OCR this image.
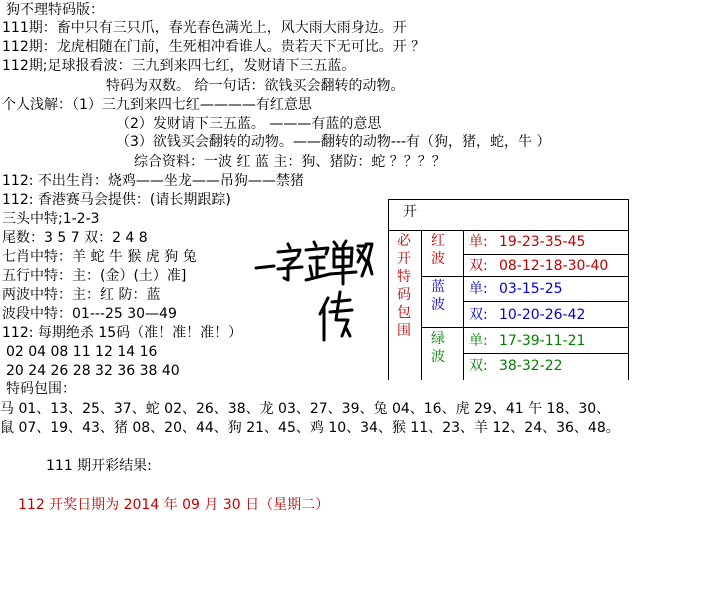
狗不理特码版：
111期：畜中只有三只爪，春光春色满光上，风大雨大雨身边。开
112期：龙虎相随在门前，生死相冲看谁人。贵若天下无可比。开 ？
112期;足球报看波：三九到来四七红，发财请下三五蓝。
特码为双数。 给一句话：欲钱买会翻转的动物。
个人浅解：（1）三九到来四七红————有红意思
（2）发财请下三五蓝。 ———有蓝的意思
（3）欲钱买会翻转的动物。——翻转的动物---有（狗，猪，蛇，牛 ）
综合资料：一波 红 蓝 主：狗、猪防：蛇 ？？？？
112: 不出生肖：烧鸡——坐龙——吊狗——禁猪
112: 香港赛马会提供：(请长期跟踪)
三头中特;1-2-3
尾数：3 5 7 双：2 4 8
七肖中特：羊 蛇 牛 猴 虎 狗 兔
五行中特：主：(金）(土）准]
两波中特：主：红 防：蓝
波段中特：01---25 30—49
112: 每期绝杀 15码（准！准！准！）
02 04 08 11 12 14 16
20 24 26 28 32 36 38 40
特码包围：
马 01、13、25、37、蛇 02、26、38、龙 03、27、39、兔 04、16、虎 29、41 午 18、30、
鼠 07、19、43、猪 08、20、44、狗 21、45、鸡 10、34、猴 11、23、羊 12、24、36、48。
111 期开彩结果:
112 开奖日期为 2014 年 09 月 30 日（星期二）
开
必开特码包围
红波
蓝波
绿波
单: 19-23-35-45
双: 08-12-18-30-40
单: 03-15-25
双: 10-20-26-42
单: 17-39-11-21
双: 38-32-22
